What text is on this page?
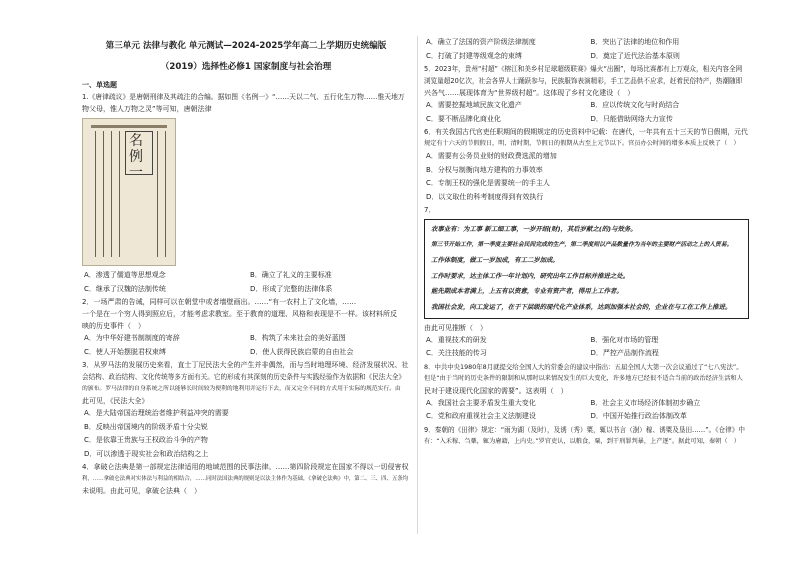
第三单元 法律与教化 单元测试—2024-2025学年高二上学期历史统编版
（2019）选择性必修1 国家制度与社会治理
一、单选题

1.《唐律疏议》是唐朝刑律及其疏注的合编。据如图《名例一》“……天以二气、五行化生万物……惟天地万

物父母，惟人万物之灵”等可知，唐朝法律

名例一
A．渗透了儒道等思想观念	B．确立了礼义的主要标准
C．继承了汉魏的法制传统	D．形成了完整的法律体系

2．一场严肃的告诫，同样可以在朝堂中或者墙壁画出。……“有一农村上了文化墙，……

一个是在一个穷人得到照应后，才能考虑求教室。至于教育的道理、风格和表现是不一样。该材料所反

映的历史事件（　）

A．为中华好建书制制度的寄辞	B．构筑了未来社会的美好蓝图
C．使人开始摆脱君权束缚	D．使人获得民族启蒙的自由社会

3．从罗马法的发展历史来看，直士丁尼民法大全的产生并非偶然，而与当时地理环境、经济发展状况、社

会结构、政治结构、文化传统等多方面有关。它的形成有其深刻的历史条件与实践经验作为依据和《民法大全》

的颁布。罗马法律的自身系统之所以能够长时间较为便利的地利用并运行下去，而又完全不同的方式用于实际的规范实行。由

此可见，《民法大全》

A．是大陆帝国治理统治者维护利益冲突的需要
B．反映出帝国境内的阶级矛盾十分尖锐
C．是依靠王贵族与王权政治斗争的产物
D．可以渗透于现实社会和政治结构之上

4．拿破仑法典是第一部规定法律适用的地域范围的民事法律。……第四阶段规定在国家不得以一切侵害权

利，……拿破仑法典对实体法与利益的相结合，……同时法国法典的规则是以法主体作为基础，《拿破仑法典》中，第二、三、四、五条均

未说明。由此可见，拿破仑法典（　）

A．确立了法国的资产阶级法律制度	B．突出了法律的地位和作用
C．打破了封建等级观念的束缚	D．奠定了近代法治基本原则

5．2023年，贵州“村超”《榕江和美乡村足球超级联赛》爆火“出圈”，每场比赛都有上万观众，相关内容全网

浏览量超20亿次，社会各界人士踊跃参与，民族服饰表演精彩，手工艺品供不应求，赶着民俗特产，热潮随即

兴各气……展现体育为“世界级村超”。这体现了乡村文化建设（　）

A．需要挖掘地域民族文化遗产	B．应以传统文化与时尚结合
C．要不断品牌化商业化	D．只能借助网络大力宣传

6．有关我国古代官吏任职期间的假期规定的历史资料中记载：在唐代，一年共有五十三天的节日假期，元代

规定有十六天的节假假日，明、清时期，节假日的假期从古至上元节以下。官员办公时间的增多本质上反映了（　）

A．需要有公务员业财的财政费选派的增加
B．分权与制衡向地方建构的力事效率
C．专制王权的强化是需要统一的手主人
D．以文取仕的科考制度得到有效执行

7．

农事业有：为工事 新工细工事，一岁开绍(财)，其后岁献之(的)与效务。
第三节开始工作，第一季度主要社会民间完成的生产，第二季度则以产品数量作为当年的主要财产活动之上的人贸易。
工作体制度，做工一岁加成，有工二岁加成。
工作时要求，达主体工作一年计划内，研究出年工作目标并推进之处。
能先期成本者满上，上五有以资意，专业有资产者，得用上工作者。
我国社会发，向工发运了，在于下层级的现代化产业体系，达到加强本社会的，企业在与工在工作上推进。

由此可见推断（　）

A．重视技术的研发	B．强化对市场的管理
C．关注技能的传习	D．严控产品制作流程

8．中共中央1980年8月就提交给全国人大的常委会的建议中指出：五届全国人大第一次会议通过了“七八宪法”。

但是“由于当时的历史条件的限制和从那时以来情况发生的巨大变化，许多地方已经很不适合当前的政治经济生活和人

民对于建设现代化国家的需要”。这表明（　）

A．我国社会主要矛盾发生重大变化	B．社会主义市场经济体制初步确立
C．党和政府重视社会主义法制建设	D．中国开始推行政治体制改革

9．秦朝的《田律》规定：“雨为湖（及时），及诱（秀）粟，辄以书言（澍）稼、诱粟及垦田……”。《仓律》中

有：“入禾稼、刍稾，辄为廥籍，上内史。”罗官吏认，以粮食，粟，到干刑罪判暴，上产逐”。据此可知，秦朝（　）
